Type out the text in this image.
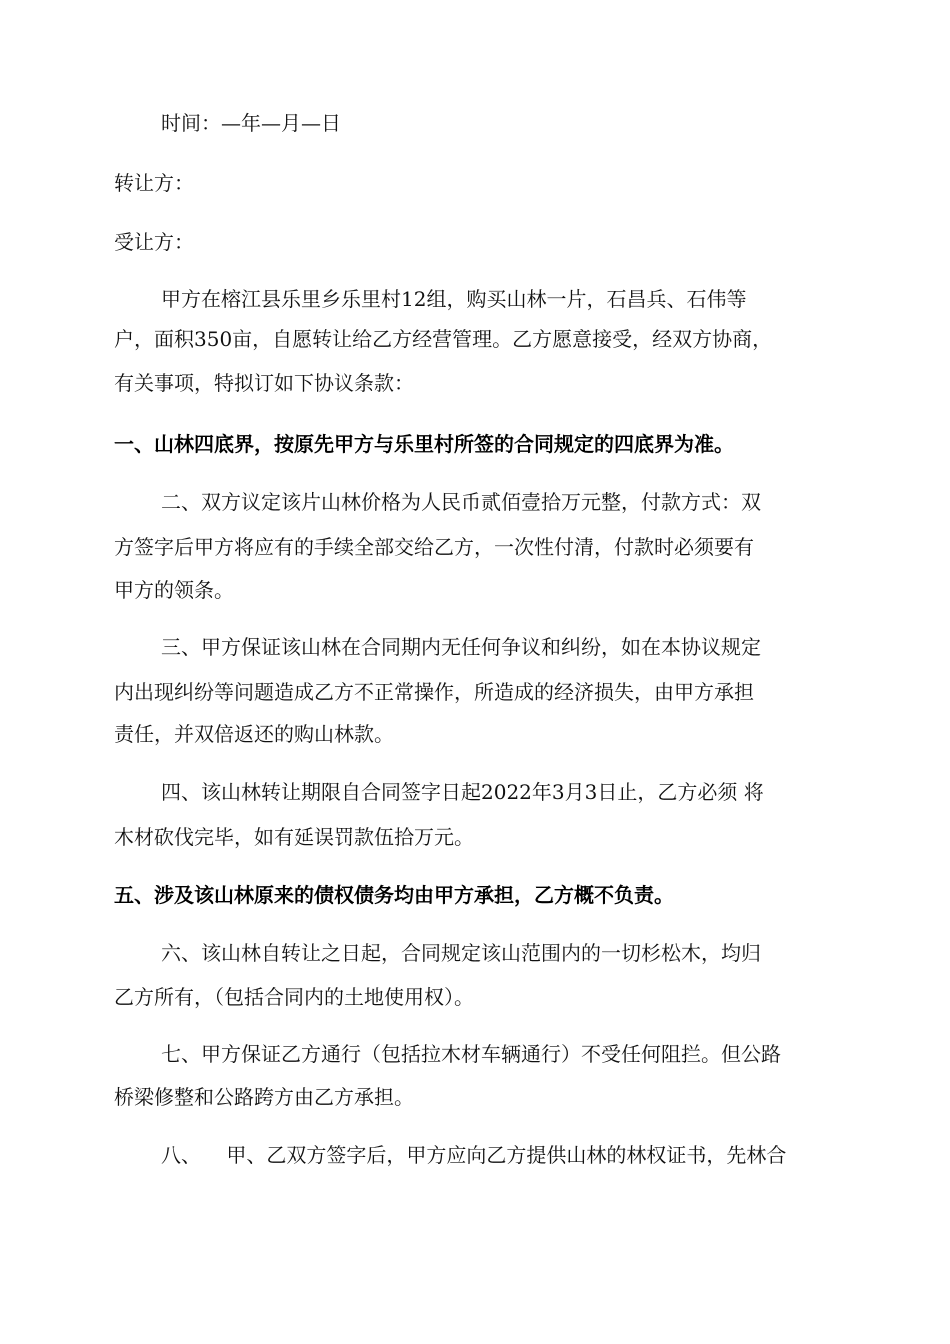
时间：—年—月—日
转让方：
受让方：
甲方在榕江县乐里乡乐里村12组，购买山林一片，石昌兵、石伟等
户，面积350亩，自愿转让给乙方经营管理。乙方愿意接受，经双方协商，
有关事项，特拟订如下协议条款：
一、山林四底界，按原先甲方与乐里村所签的合同规定的四底界为准。
二、双方议定该片山林价格为人民币贰佰壹拾万元整，付款方式：双
方签字后甲方将应有的手续全部交给乙方，一次性付清，付款时必须要有
甲方的领条。
三、甲方保证该山林在合同期内无任何争议和纠纷，如在本协议规定
内出现纠纷等问题造成乙方不正常操作，所造成的经济损失，由甲方承担
责任，并双倍返还的购山林款。
四、该山林转让期限自合同签字日起2022年3月3日止，乙方必须 将
木材砍伐完毕，如有延误罚款伍拾万元。
五、涉及该山林原来的债权债务均由甲方承担，乙方概不负责。
六、该山林自转让之日起，合同规定该山范围内的一切杉松木，均归
乙方所有，（包括合同内的土地使用权）。
七、甲方保证乙方通行（包括拉木材车辆通行）不受任何阻拦。但公路
桥梁修整和公路跨方由乙方承担。
八、    甲、乙双方签字后，甲方应向乙方提供山林的林权证书，先林合
